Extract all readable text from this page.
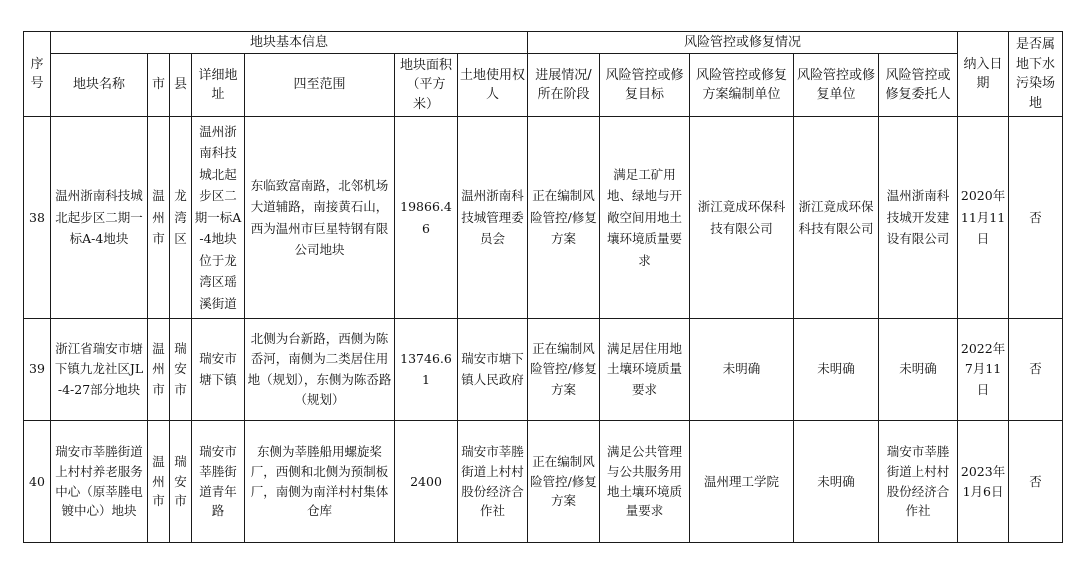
序号	地块基本信息							风险管控或修复情况					纳入日期	是否属地下水污染场地
	地块名称	市	县	详细地址	四至范围	地块面积（平方米）	土地使用权人	进展情况/所在阶段	风险管控或修复目标	风险管控或修复方案编制单位	风险管控或修复单位	风险管控或修复委托人		
38	温州浙南科技城北起步区二期一标A-4地块	温州市	龙湾区	温州浙南科技城北起步区二期一标A-4地块位于龙湾区瑶溪街道	东临致富南路，北邻机场大道辅路，南接黄石山，西为温州市巨星特钢有限公司地块	19866.46	温州浙南科技城管理委员会	正在编制风险管控/修复方案	满足工矿用地、绿地与开敞空间用地土壤环境质量要求	浙江竟成环保科技有限公司	浙江竟成环保科技有限公司	温州浙南科技城开发建设有限公司	2020年11月11日	否
39	浙江省瑞安市塘下镇九龙社区JL-4-27部分地块	温州市	瑞安市	瑞安市塘下镇	北侧为台新路，西侧为陈岙河，南侧为二类居住用地（规划），东侧为陈岙路（规划）	13746.61	瑞安市塘下镇人民政府	正在编制风险管控/修复方案	满足居住用地土壤环境质量要求	未明确	未明确	未明确	2022年7月11日	否
40	瑞安市莘塍街道上村村养老服务中心（原莘塍电镀中心）地块	温州市	瑞安市	瑞安市莘塍街道青年路	东侧为莘塍船用螺旋桨厂，西侧和北侧为预制板厂，南侧为南洋村村集体仓库	2400	瑞安市莘塍街道上村村股份经济合作社	正在编制风险管控/修复方案	满足公共管理与公共服务用地土壤环境质量要求	温州理工学院	未明确	瑞安市莘塍街道上村村股份经济合作社	2023年1月6日	否
